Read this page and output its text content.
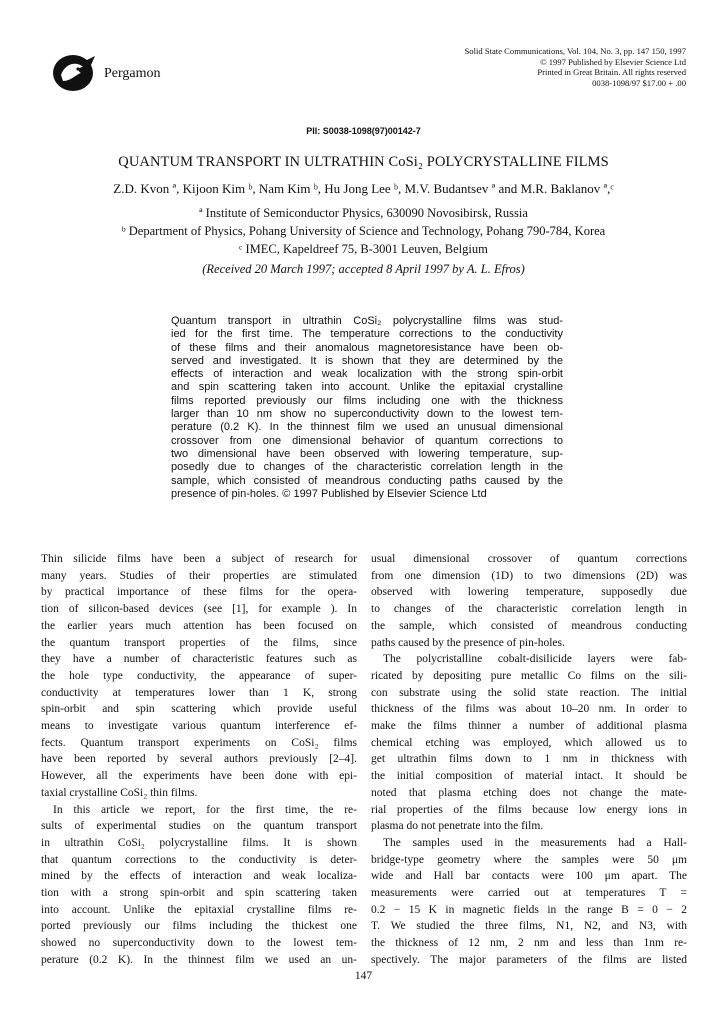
Pergamon
Solid State Communications, Vol. 104, No. 3, pp. 147 150, 1997
© 1997 Published by Elsevier Science Ltd
Printed in Great Britain. All rights reserved
0038-1098/97 $17.00 + .00
PII: S0038-1098(97)00142-7
QUANTUM TRANSPORT IN ULTRATHIN CoSi₂ POLYCRYSTALLINE FILMS
Z.D. Kvon ª, Kijoon Kim ᵇ, Nam Kim ᵇ, Hu Jong Lee ᵇ, M.V. Budantsev ª and M.R. Baklanov ª,ᶜ
ª Institute of Semiconductor Physics, 630090 Novosibirsk, Russia
ᵇ Department of Physics, Pohang University of Science and Technology, Pohang 790-784, Korea
ᶜ IMEC, Kapeldreef 75, B-3001 Leuven, Belgium
(Received 20 March 1997; accepted 8 April 1997 by A. L. Efros)
Quantum transport in ultrathin CoSi₂ polycrystalline films was stud-
ied for the first time. The temperature corrections to the conductivity
of these films and their anomalous magnetoresistance have been ob-
served and investigated. It is shown that they are determined by the
effects of interaction and weak localization with the strong spin-orbit
and spin scattering taken into account. Unlike the epitaxial crystalline
films reported previously our films including one with the thickness
larger than 10 nm show no superconductivity down to the lowest tem-
perature (0.2 K). In the thinnest film we used an unusual dimensional
crossover from one dimensional behavior of quantum corrections to
two dimensional have been observed with lowering temperature, sup-
posedly due to changes of the characteristic correlation length in the
sample, which consisted of meandrous conducting paths caused by the
presence of pin-holes. © 1997 Published by Elsevier Science Ltd
Thin silicide films have been a subject of research for
many years. Studies of their properties are stimulated
by practical importance of these films for the opera-
tion of silicon-based devices (see [1], for example ). In
the earlier years much attention has been focused on
the quantum transport properties of the films, since
they have a number of characteristic features such as
the hole type conductivity, the appearance of super-
conductivity at temperatures lower than 1 K, strong
spin-orbit and spin scattering which provide useful
means to investigate various quantum interference ef-
fects. Quantum transport experiments on CoSi₂ films
have been reported by several authors previously [2–4].
However, all the experiments have been done with epi-
taxial crystalline CoSi₂ thin films.
In this article we report, for the first time, the re-
sults of experimental studies on the quantum transport
in ultrathin CoSi₂ polycrystalline films. It is shown
that quantum corrections to the conductivity is deter-
mined by the effects of interaction and weak localiza-
tion with a strong spin-orbit and spin scattering taken
into account. Unlike the epitaxial crystalline films re-
ported previously our films including the thickest one
showed no superconductivity down to the lowest tem-
perature (0.2 K). In the thinnest film we used an un-
usual dimensional crossover of quantum corrections
from one dimension (1D) to two dimensions (2D) was
observed with lowering temperature, supposedly due
to changes of the characteristic correlation length in
the sample, which consisted of meandrous conducting
paths caused by the presence of pin-holes.
The polycristalline cobalt-disilicide layers were fab-
ricated by depositing pure metallic Co films on the sili-
con substrate using the solid state reaction. The initial
thickness of the films was about 10–20 nm. In order to
make the films thinner a number of additional plasma
chemical etching was employed, which allowed us to
get ultrathin films down to 1 nm in thickness with
the initial composition of material intact. It should be
noted that plasma etching does not change the mate-
rial properties of the films because low energy ions in
plasma do not penetrate into the film.
The samples used in the measurements had a Hall-
bridge-type geometry where the samples were 50 μm
wide and Hall bar contacts were 100 μm apart. The
measurements were carried out at temperatures T =
0.2 − 15 K in magnetic fields in the range B = 0 − 2
T. We studied the three films, N1, N2, and N3, with
the thickness of 12 nm, 2 nm and less than 1nm re-
spectively. The major parameters of the films are listed
147
